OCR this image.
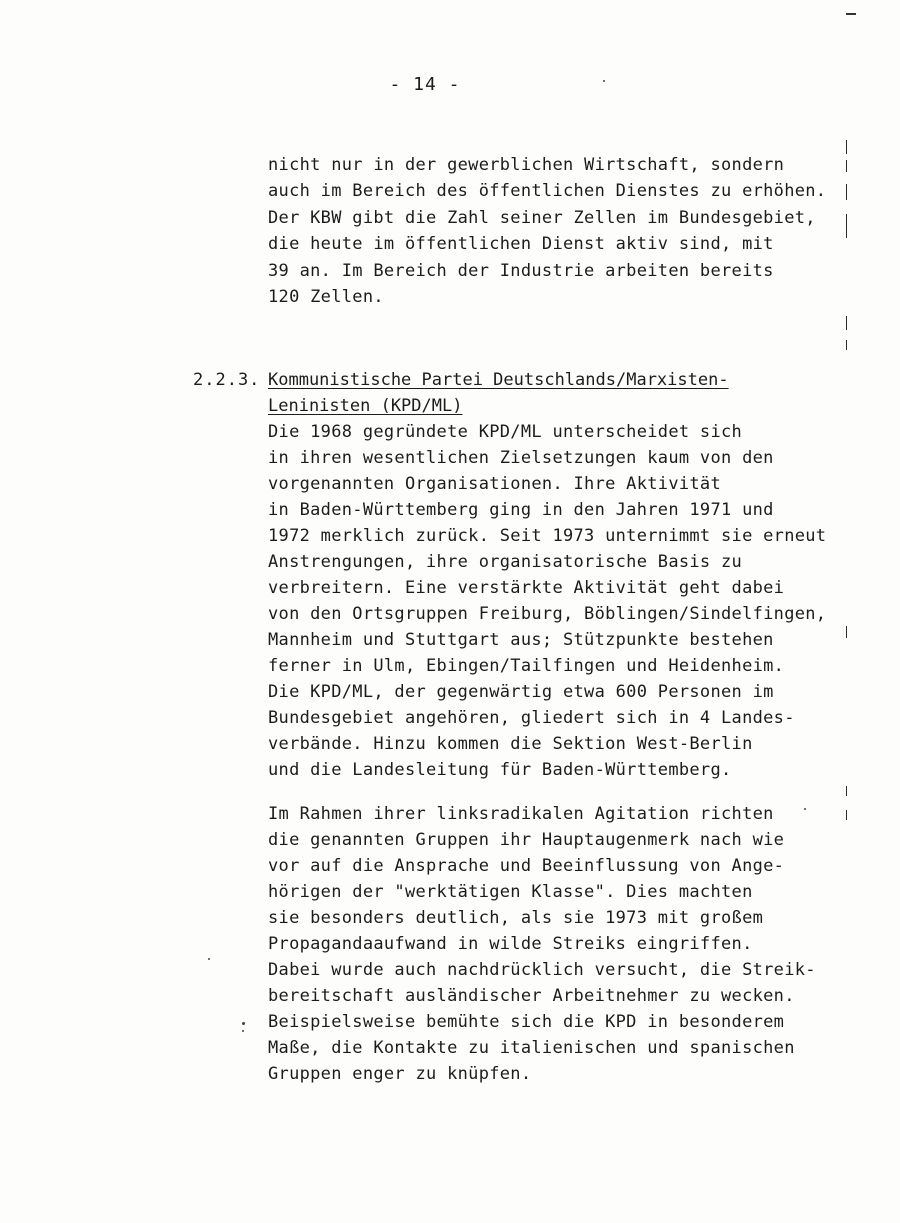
- 14 -
nicht nur in der gewerblichen Wirtschaft, sondern
auch im Bereich des öffentlichen Dienstes zu erhöhen.
Der KBW gibt die Zahl seiner Zellen im Bundesgebiet,
die heute im öffentlichen Dienst aktiv sind, mit
39 an. Im Bereich der Industrie arbeiten bereits
120 Zellen.
2.2.3. Kommunistische Partei Deutschlands/Marxisten-
Leninisten (KPD/ML)
Die 1968 gegründete KPD/ML unterscheidet sich
in ihren wesentlichen Zielsetzungen kaum von den
vorgenannten Organisationen. Ihre Aktivität
in Baden-Württemberg ging in den Jahren 1971 und
1972 merklich zurück. Seit 1973 unternimmt sie erneut
Anstrengungen, ihre organisatorische Basis zu
verbreitern. Eine verstärkte Aktivität geht dabei
von den Ortsgruppen Freiburg, Böblingen/Sindelfingen,
Mannheim und Stuttgart aus; Stützpunkte bestehen
ferner in Ulm, Ebingen/Tailfingen und Heidenheim.
Die KPD/ML, der gegenwärtig etwa 600 Personen im
Bundesgebiet angehören, gliedert sich in 4 Landes-
verbände. Hinzu kommen die Sektion West-Berlin
und die Landesleitung für Baden-Württemberg.
Im Rahmen ihrer linksradikalen Agitation richten
die genannten Gruppen ihr Hauptaugenmerk nach wie
vor auf die Ansprache und Beeinflussung von Ange-
hörigen der "werktätigen Klasse". Dies machten
sie besonders deutlich, als sie 1973 mit großem
Propagandaaufwand in wilde Streiks eingriffen.
Dabei wurde auch nachdrücklich versucht, die Streik-
bereitschaft ausländischer Arbeitnehmer zu wecken.
Beispielsweise bemühte sich die KPD in besonderem
Maße, die Kontakte zu italienischen und spanischen
Gruppen enger zu knüpfen.
